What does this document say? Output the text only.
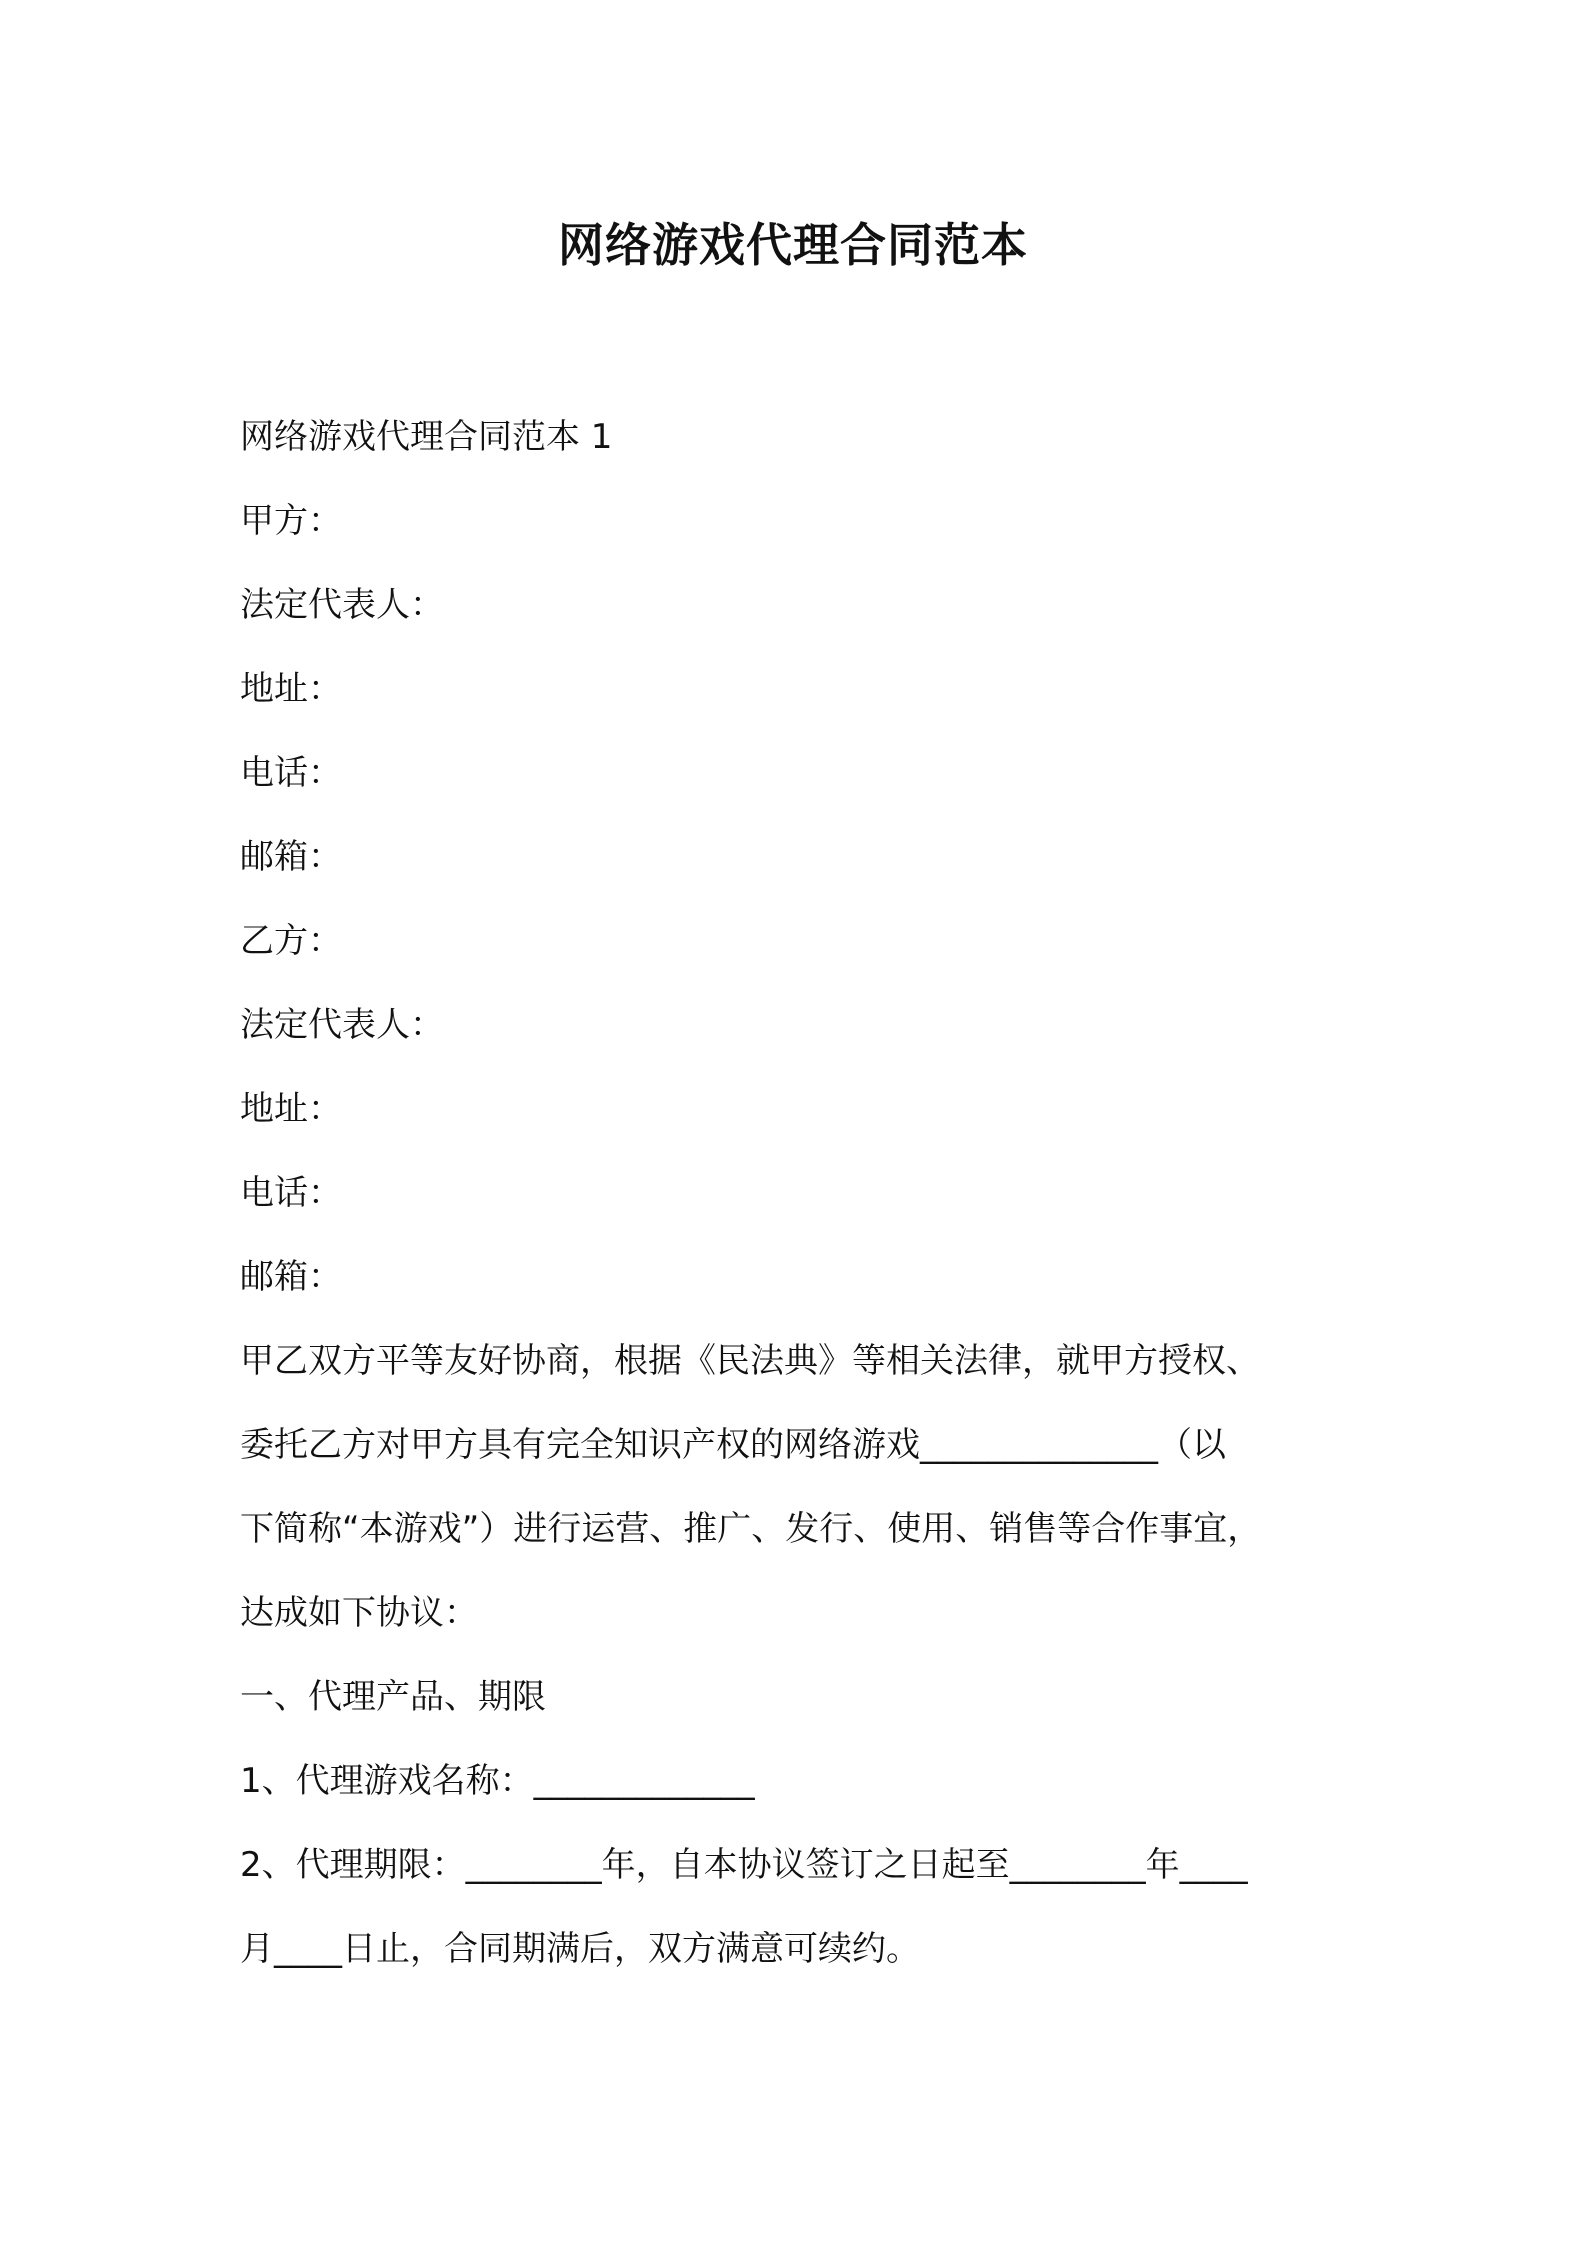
网络游戏代理合同范本
网络游戏代理合同范本 1
甲方：
法定代表人：
地址：
电话：
邮箱：
乙方：
法定代表人：
地址：
电话：
邮箱：
甲乙双方平等友好协商，根据《民法典》等相关法律，就甲方授权、
委托乙方对甲方具有完全知识产权的网络游戏______________（以
下简称“本游戏”）进行运营、推广、发行、使用、销售等合作事宜，
达成如下协议：
一、代理产品、期限
1、代理游戏名称：_____________
2、代理期限：________年，自本协议签订之日起至________年____
月____日止，合同期满后，双方满意可续约。
